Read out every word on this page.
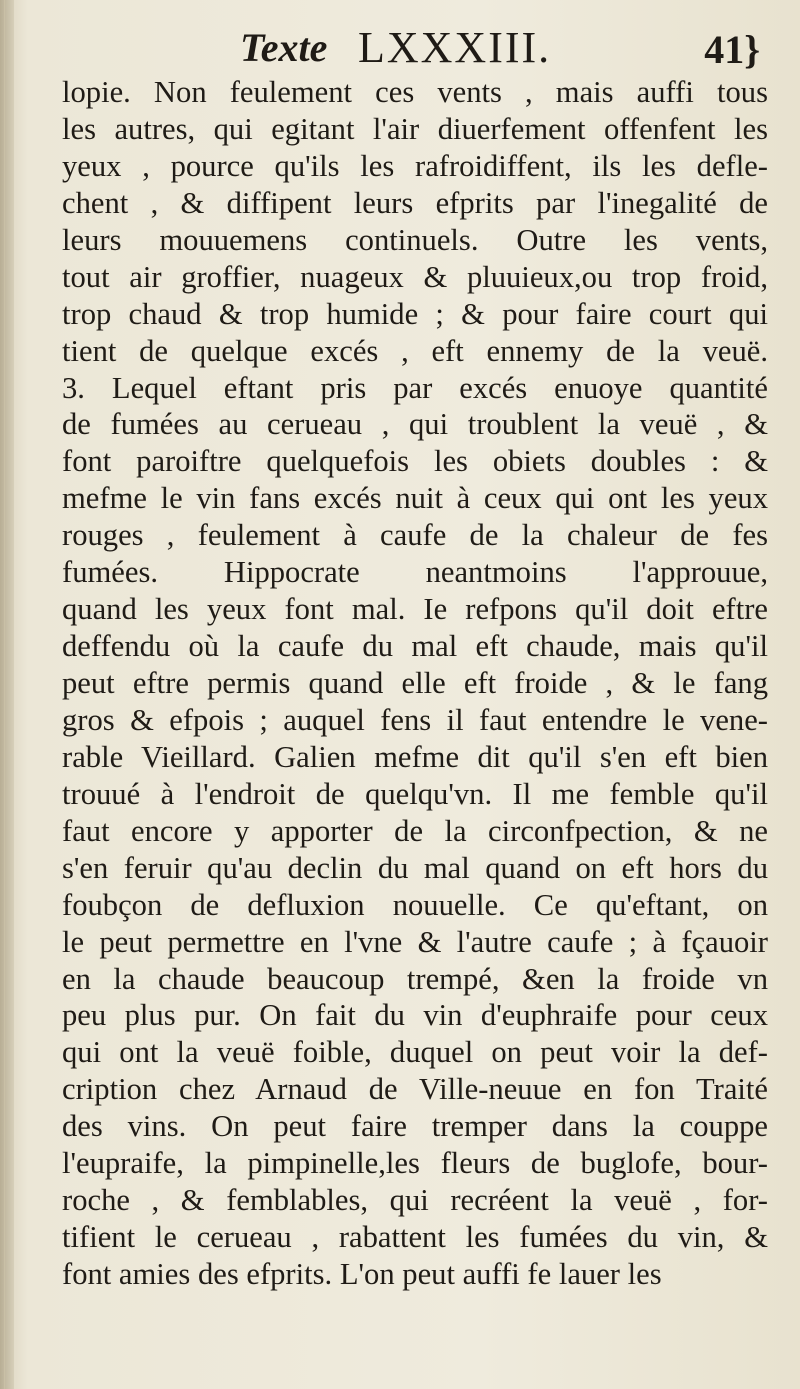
Texte LXXXIII.	41}
lopie. Non feulement ces vents , mais auffi tous
les autres, qui egitant l'air diuerfement offenfent les
yeux , pource qu'ils les rafroidiffent, ils les defle-
chent , & diffipent leurs efprits par l'inegalité de
leurs mouuemens continuels. Outre les vents,
tout air groffier, nuageux & pluuieux,ou trop froid,
trop chaud & trop humide ; & pour faire court qui
tient de quelque excés , eft ennemy de la veuë.
3. Lequel eftant pris par excés enuoye quantité
de fumées au cerueau , qui troublent la veuë , &
font paroiftre quelquefois les obiets doubles : &
mefme le vin fans excés nuit à ceux qui ont les yeux
rouges , feulement à caufe de la chaleur de fes
fumées. Hippocrate neantmoins l'approuue,
quand les yeux font mal. Ie refpons qu'il doit eftre
deffendu où la caufe du mal eft chaude, mais qu'il
peut eftre permis quand elle eft froide , & le fang
gros & efpois ; auquel fens il faut entendre le vene-
rable Vieillard. Galien mefme dit qu'il s'en eft bien
trouué à l'endroit de quelqu'vn. Il me femble qu'il
faut encore y apporter de la circonfpection, & ne
s'en feruir qu'au declin du mal quand on eft hors du
foubçon de defluxion nouuelle. Ce qu'eftant, on
le peut permettre en l'vne & l'autre caufe ; à fçauoir
en la chaude beaucoup trempé, &en la froide vn
peu plus pur. On fait du vin d'euphraife pour ceux
qui ont la veuë foible, duquel on peut voir la def-
cription chez Arnaud de Ville-neuue en fon Traité
des vins. On peut faire tremper dans la couppe
l'eupraife, la pimpinelle,les fleurs de buglofe, bour-
roche , & femblables, qui recréent la veuë , for-
tifient le cerueau , rabattent les fumées du vin, &
font amies des efprits. L'on peut auffi fe lauer les
